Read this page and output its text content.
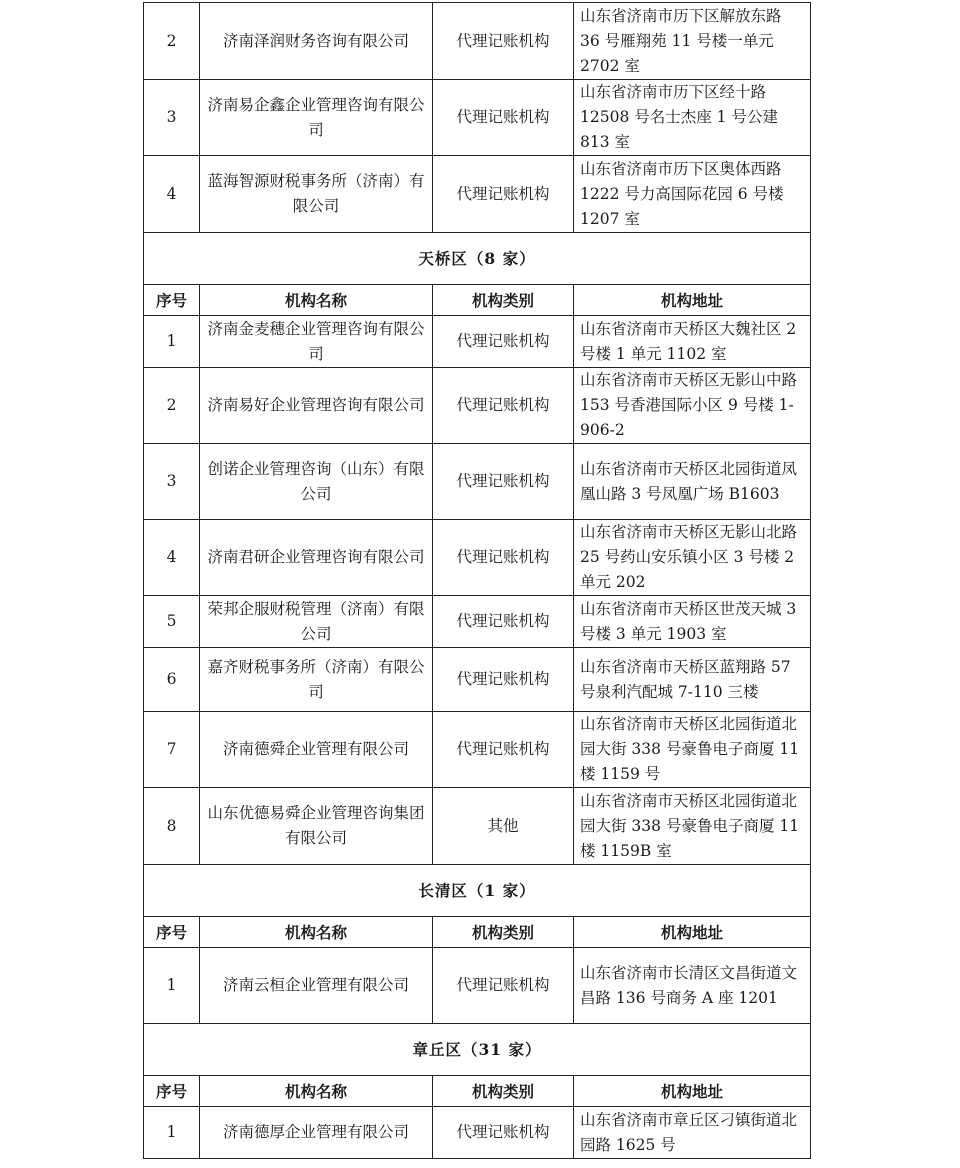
2	济南泽润财务咨询有限公司	代理记账机构	山东省济南市历下区解放东路 36 号雁翔苑 11 号楼一单元 2702 室
3	济南易企鑫企业管理咨询有限公司	代理记账机构	山东省济南市历下区经十路 12508 号名士杰座 1 号公建 813 室
4	蓝海智源财税事务所（济南）有限公司	代理记账机构	山东省济南市历下区奥体西路 1222 号力高国际花园 6 号楼 1207 室
天桥区（8 家）			
序号	机构名称	机构类别	机构地址
1	济南金麦穗企业管理咨询有限公司	代理记账机构	山东省济南市天桥区大魏社区 2 号楼 1 单元 1102 室
2	济南易好企业管理咨询有限公司	代理记账机构	山东省济南市天桥区无影山中路 153 号香港国际小区 9 号楼 1-906-2
3	创诺企业管理咨询（山东）有限公司	代理记账机构	山东省济南市天桥区北园街道凤凰山路 3 号凤凰广场 B1603
4	济南君研企业管理咨询有限公司	代理记账机构	山东省济南市天桥区无影山北路 25 号药山安乐镇小区 3 号楼 2 单元 202
5	荣邦企服财税管理（济南）有限公司	代理记账机构	山东省济南市天桥区世茂天城 3 号楼 3 单元 1903 室
6	嘉齐财税事务所（济南）有限公司	代理记账机构	山东省济南市天桥区蓝翔路 57 号泉利汽配城 7-110 三楼
7	济南德舜企业管理有限公司	代理记账机构	山东省济南市天桥区北园街道北园大街 338 号豪鲁电子商厦 11 楼 1159 号
8	山东优德易舜企业管理咨询集团有限公司	其他	山东省济南市天桥区北园街道北园大街 338 号豪鲁电子商厦 11 楼 1159B 室
长清区（1 家）			
序号	机构名称	机构类别	机构地址
1	济南云桓企业管理有限公司	代理记账机构	山东省济南市长清区文昌街道文昌路 136 号商务 A 座 1201
章丘区（31 家）			
序号	机构名称	机构类别	机构地址
1	济南德厚企业管理有限公司	代理记账机构	山东省济南市章丘区刁镇街道北园路 1625 号
